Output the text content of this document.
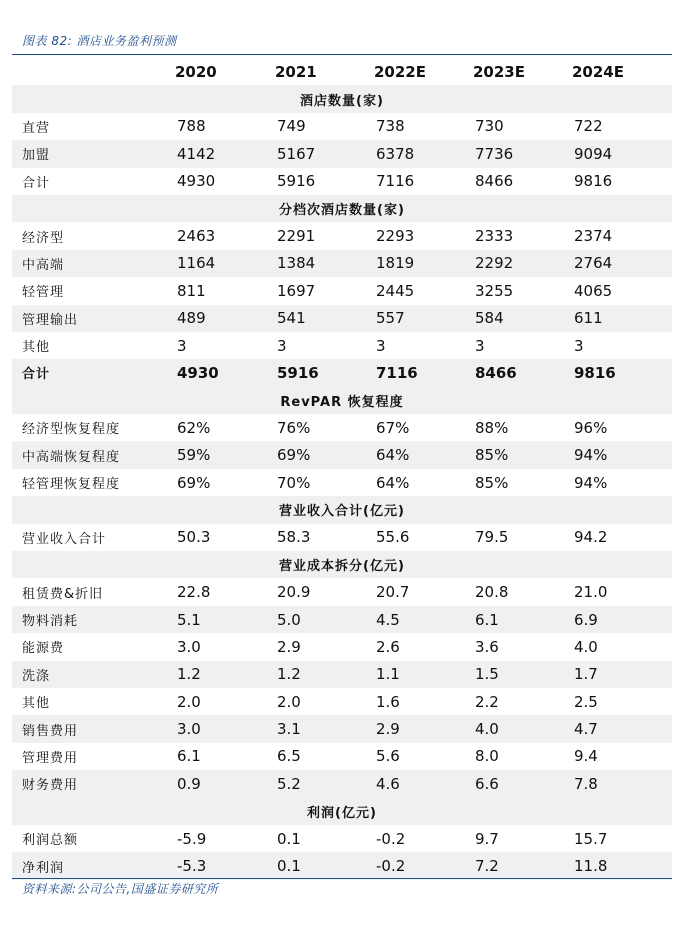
图表 82: 酒店业务盈利预测
	2020	2021	2022E	2023E	2024E
酒店数量(家)					
直营	788	749	738	730	722
加盟	4142	5167	6378	7736	9094
合计	4930	5916	7116	8466	9816
分档次酒店数量(家)					
经济型	2463	2291	2293	2333	2374
中高端	1164	1384	1819	2292	2764
轻管理	811	1697	2445	3255	4065
管理输出	489	541	557	584	611
其他	3	3	3	3	3
合计	4930	5916	7116	8466	9816
RevPAR 恢复程度					
经济型恢复程度	62%	76%	67%	88%	96%
中高端恢复程度	59%	69%	64%	85%	94%
轻管理恢复程度	69%	70%	64%	85%	94%
营业收入合计(亿元)					
营业收入合计	50.3	58.3	55.6	79.5	94.2
营业成本拆分(亿元)					
租赁费&折旧	22.8	20.9	20.7	20.8	21.0
物料消耗	5.1	5.0	4.5	6.1	6.9
能源费	3.0	2.9	2.6	3.6	4.0
洗涤	1.2	1.2	1.1	1.5	1.7
其他	2.0	2.0	1.6	2.2	2.5
销售费用	3.0	3.1	2.9	4.0	4.7
管理费用	6.1	6.5	5.6	8.0	9.4
财务费用	0.9	5.2	4.6	6.6	7.8
利润(亿元)					
利润总额	-5.9	0.1	-0.2	9.7	15.7
净利润	-5.3	0.1	-0.2	7.2	11.8
资料来源:公司公告,国盛证券研究所
